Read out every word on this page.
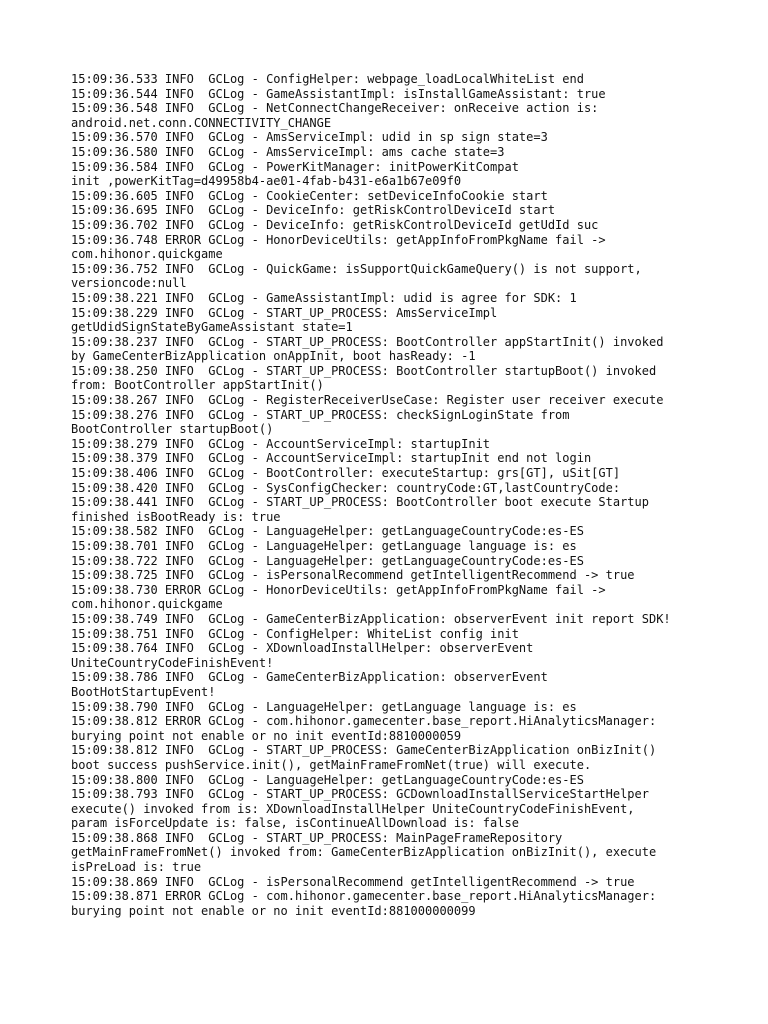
15:09:36.533 INFO  GCLog - ConfigHelper: webpage_loadLocalWhiteList end
15:09:36.544 INFO  GCLog - GameAssistantImpl: isInstallGameAssistant: true
15:09:36.548 INFO  GCLog - NetConnectChangeReceiver: onReceive action is:
android.net.conn.CONNECTIVITY_CHANGE
15:09:36.570 INFO  GCLog - AmsServiceImpl: udid in sp sign state=3
15:09:36.580 INFO  GCLog - AmsServiceImpl: ams cache state=3
15:09:36.584 INFO  GCLog - PowerKitManager: initPowerKitCompat
init ,powerKitTag=d49958b4-ae01-4fab-b431-e6a1b67e09f0
15:09:36.605 INFO  GCLog - CookieCenter: setDeviceInfoCookie start
15:09:36.695 INFO  GCLog - DeviceInfo: getRiskControlDeviceId start
15:09:36.702 INFO  GCLog - DeviceInfo: getRiskControlDeviceId getUdId suc
15:09:36.748 ERROR GCLog - HonorDeviceUtils: getAppInfoFromPkgName fail ->
com.hihonor.quickgame
15:09:36.752 INFO  GCLog - QuickGame: isSupportQuickGameQuery() is not support,
versioncode:null
15:09:38.221 INFO  GCLog - GameAssistantImpl: udid is agree for SDK: 1
15:09:38.229 INFO  GCLog - START_UP_PROCESS: AmsServiceImpl
getUdidSignStateByGameAssistant state=1
15:09:38.237 INFO  GCLog - START_UP_PROCESS: BootController appStartInit() invoked
by GameCenterBizApplication onAppInit, boot hasReady: -1
15:09:38.250 INFO  GCLog - START_UP_PROCESS: BootController startupBoot() invoked
from: BootController appStartInit()
15:09:38.267 INFO  GCLog - RegisterReceiverUseCase: Register user receiver execute
15:09:38.276 INFO  GCLog - START_UP_PROCESS: checkSignLoginState from
BootController startupBoot()
15:09:38.279 INFO  GCLog - AccountServiceImpl: startupInit
15:09:38.379 INFO  GCLog - AccountServiceImpl: startupInit end not login
15:09:38.406 INFO  GCLog - BootController: executeStartup: grs[GT], uSit[GT]
15:09:38.420 INFO  GCLog - SysConfigChecker: countryCode:GT,lastCountryCode:
15:09:38.441 INFO  GCLog - START_UP_PROCESS: BootController boot execute Startup
finished isBootReady is: true
15:09:38.582 INFO  GCLog - LanguageHelper: getLanguageCountryCode:es-ES
15:09:38.701 INFO  GCLog - LanguageHelper: getLanguage language is: es
15:09:38.722 INFO  GCLog - LanguageHelper: getLanguageCountryCode:es-ES
15:09:38.725 INFO  GCLog - isPersonalRecommend getIntelligentRecommend -> true
15:09:38.730 ERROR GCLog - HonorDeviceUtils: getAppInfoFromPkgName fail ->
com.hihonor.quickgame
15:09:38.749 INFO  GCLog - GameCenterBizApplication: observerEvent init report SDK!
15:09:38.751 INFO  GCLog - ConfigHelper: WhiteList config init
15:09:38.764 INFO  GCLog - XDownloadInstallHelper: observerEvent
UniteCountryCodeFinishEvent!
15:09:38.786 INFO  GCLog - GameCenterBizApplication: observerEvent
BootHotStartupEvent!
15:09:38.790 INFO  GCLog - LanguageHelper: getLanguage language is: es
15:09:38.812 ERROR GCLog - com.hihonor.gamecenter.base_report.HiAnalyticsManager:
burying point not enable or no init eventId:8810000059
15:09:38.812 INFO  GCLog - START_UP_PROCESS: GameCenterBizApplication onBizInit()
boot success pushService.init(), getMainFrameFromNet(true) will execute.
15:09:38.800 INFO  GCLog - LanguageHelper: getLanguageCountryCode:es-ES
15:09:38.793 INFO  GCLog - START_UP_PROCESS: GCDownloadInstallServiceStartHelper
execute() invoked from is: XDownloadInstallHelper UniteCountryCodeFinishEvent,
param isForceUpdate is: false, isContinueAllDownload is: false
15:09:38.868 INFO  GCLog - START_UP_PROCESS: MainPageFrameRepository
getMainFrameFromNet() invoked from: GameCenterBizApplication onBizInit(), execute
isPreLoad is: true
15:09:38.869 INFO  GCLog - isPersonalRecommend getIntelligentRecommend -> true
15:09:38.871 ERROR GCLog - com.hihonor.gamecenter.base_report.HiAnalyticsManager:
burying point not enable or no init eventId:881000000099
